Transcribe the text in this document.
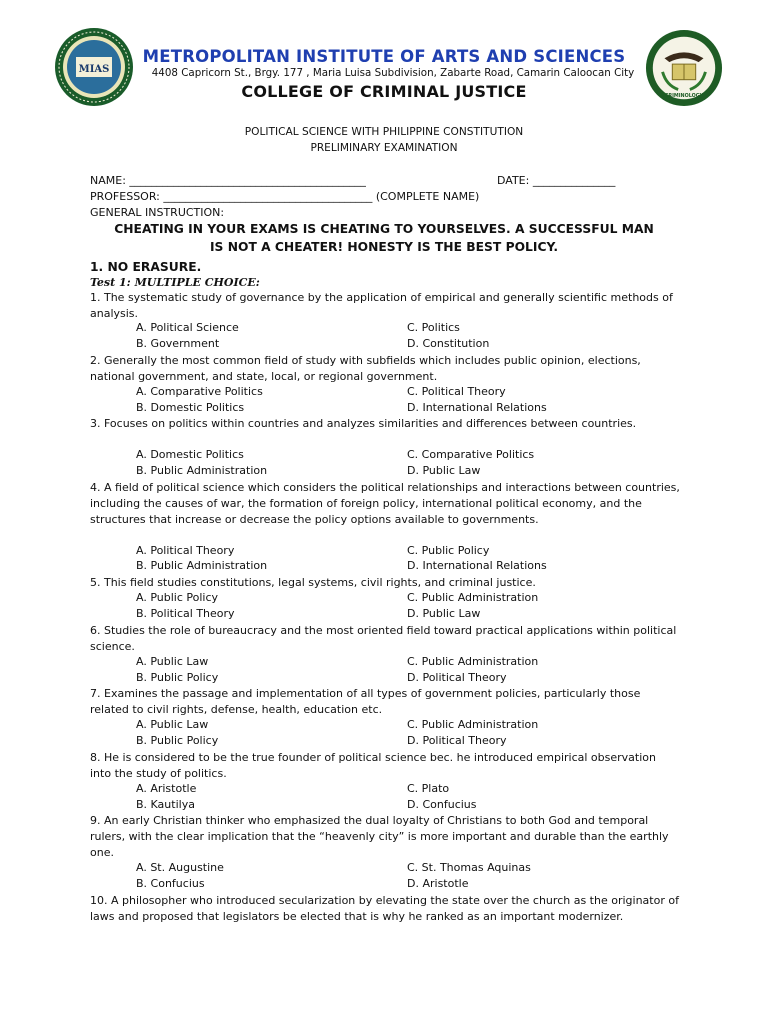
MIAS
CRIMINOLOGY
METROPOLITAN INSTITUTE OF ARTS AND SCIENCES
4408 Capricorn St., Brgy. 177 , Maria Luisa Subdivision, Zabarte Road, Camarin Caloocan City
COLLEGE OF CRIMINAL JUSTICE
POLITICAL SCIENCE WITH PHILIPPINE CONSTITUTION
PRELIMINARY EXAMINATION
NAME: ___________________________________________	DATE: _______________
PROFESSOR: ______________________________________ (COMPLETE NAME)
GENERAL INSTRUCTION:
CHEATING IN YOUR EXAMS IS CHEATING TO YOURSELVES. A SUCCESSFUL MAN
IS NOT A CHEATER! HONESTY IS THE BEST POLICY.
1. NO ERASURE.
Test 1: MULTIPLE CHOICE:
1. The systematic study of governance by the application of empirical and generally scientific methods of analysis.
A. Political Science	C. Politics
B. Government	D. Constitution
2. Generally the most common field of study with subfields which includes public opinion, elections, national government, and state, local, or regional government.
A. Comparative Politics	C. Political Theory
B. Domestic Politics	D. International Relations
3. Focuses on politics within countries and analyzes similarities and differences between countries.
A. Domestic Politics	C. Comparative Politics
B. Public Administration	D. Public Law
4. A field of political science which considers the political relationships and interactions between countries, including the causes of war, the formation of foreign policy, international political economy, and the structures that increase or decrease the policy options available to governments.
A. Political Theory	C. Public Policy
B. Public Administration	D. International Relations
5. This field studies constitutions, legal systems, civil rights, and criminal justice.
A. Public Policy	C. Public Administration
B. Political Theory	D. Public Law
6. Studies the role of bureaucracy and the most oriented field toward practical applications within political science.
A. Public Law	C. Public Administration
B. Public Policy	D. Political Theory
7. Examines the passage and implementation of all types of government policies, particularly those related to civil rights, defense, health, education etc.
A. Public Law	C. Public Administration
B. Public Policy	D. Political Theory
8. He is considered to be the true founder of political science bec. he introduced empirical observation into the study of politics.
A. Aristotle	C. Plato
B. Kautilya	D. Confucius
9. An early Christian thinker who emphasized the dual loyalty of Christians to both God and temporal rulers, with the clear implication that the “heavenly city” is more important and durable than the earthly one.
A. St. Augustine	C. St. Thomas Aquinas
B. Confucius	D. Aristotle
10. A philosopher who introduced secularization by elevating the state over the church as the originator of laws and proposed that legislators be elected that is why he ranked as an important modernizer.
